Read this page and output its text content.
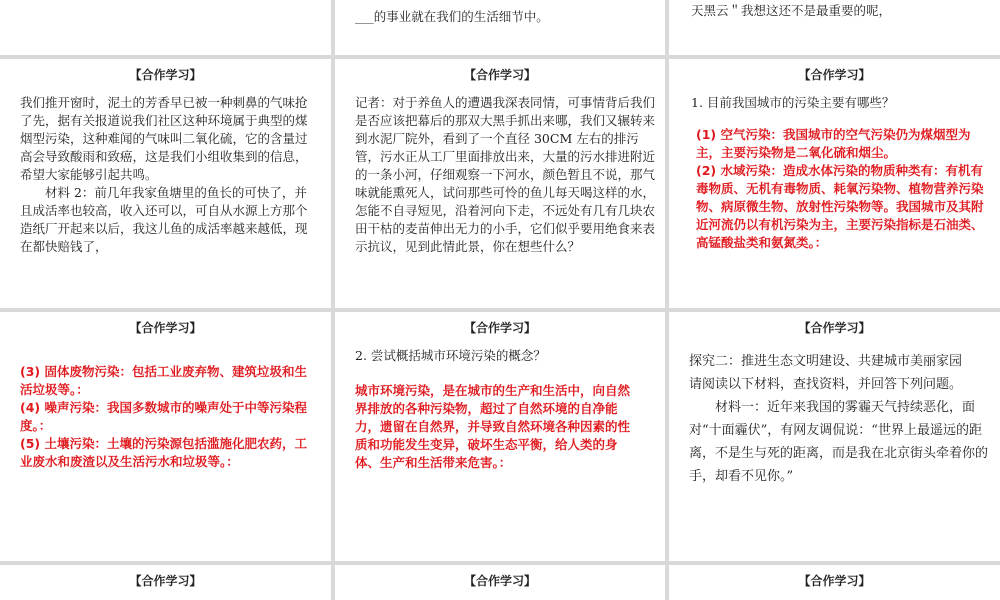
___的事业就在我们的生活细节中。	天黑云＂我想这还不是最重要的呢，

【合作学习】

我们推开窗时，泥土的芳香早已被一种刺鼻的气味抢了先，据有关报道说我们社区这种环境属于典型的煤烟型污染，这种难闻的气味叫二氧化硫，它的含量过高会导致酸雨和致癌，这是我们小组收集到的信息，希望大家能够引起共鸣。

材料 2：前几年我家鱼塘里的鱼长的可快了，并且成活率也较高，收入还可以，可自从水源上方那个造纸厂开起来以后，我这儿鱼的成活率越来越低，现在都快赔钱了，

【合作学习】

记者：对于养鱼人的遭遇我深表同情，可事情背后我们是否应该把幕后的那双大黑手抓出来哪，我们又辗转来到水泥厂院外，看到了一个直径 30CM 左右的排污管，污水正从工厂里面排放出来，大量的污水排进附近的一条小河，仔细观察一下河水，颜色暂且不说，那气味就能熏死人，试问那些可怜的鱼儿每天喝这样的水，怎能不自寻短见，沿着河向下走，不远处有几有几块农田干枯的麦苗伸出无力的小手，它们似乎要用绝食来表示抗议，见到此情此景，你在想些什么？

【合作学习】

1. 目前我国城市的污染主要有哪些？

(1) 空气污染：我国城市的空气污染仍为煤烟型为主，主要污染物是二氧化硫和烟尘。

(2) 水域污染：造成水体污染的物质种类有：有机有毒物质、无机有毒物质、耗氧污染物、植物营养污染物、病原微生物、放射性污染物等。我国城市及其附近河流仍以有机污染为主，主要污染指标是石油类、高锰酸盐类和氨氮类。：

【合作学习】

(3) 固体废物污染：包括工业废弃物、建筑垃圾和生活垃圾等。：

(4) 噪声污染：我国多数城市的噪声处于中等污染程度。：

(5) 土壤污染：土壤的污染源包括滥施化肥农药，工业废水和废渣以及生活污水和垃圾等。：

【合作学习】

2. 尝试概括城市环境污染的概念？

城市环境污染，是在城市的生产和生活中，向自然界排放的各种污染物，超过了自然环境的自净能力，遗留在自然界，并导致自然环境各种因素的性质和功能发生变异，破坏生态平衡，给人类的身体、生产和生活带来危害。：

【合作学习】

探究二：推进生态文明建设、共建城市美丽家园

请阅读以下材料，查找资料，并回答下列问题。

材料一：近年来我国的雾霾天气持续恶化，面对“十面霾伏”，有网友调侃说：“世界上最遥远的距离，不是生与死的距离，而是我在北京街头牵着你的手，却看不见你。”

【合作学习】	【合作学习】	【合作学习】
